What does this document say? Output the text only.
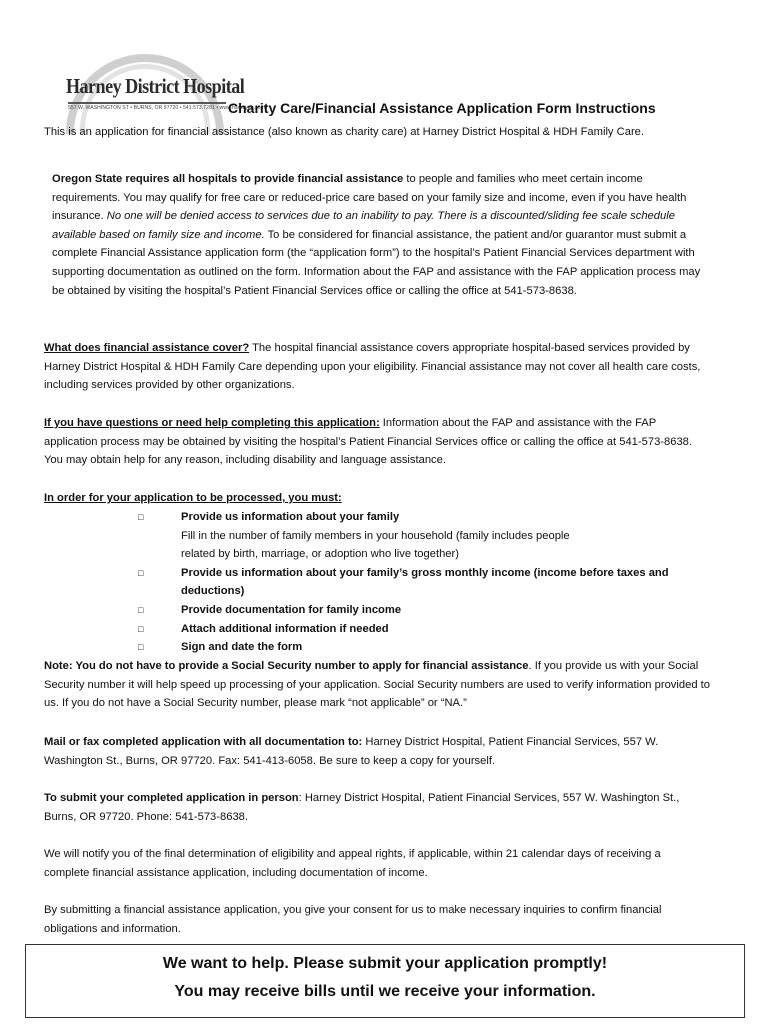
Harney District Hospital
557 W. WASHINGTON ST • BURNS, OR 97720 • 541.573.7281 • www.harneydh.com
Charity Care/Financial Assistance Application Form Instructions

This is an application for financial assistance (also known as charity care) at Harney District Hospital & HDH Family Care.

Oregon State requires all hospitals to provide financial assistance to people and families who meet certain income requirements. You may qualify for free care or reduced-price care based on your family size and income, even if you have health insurance. No one will be denied access to services due to an inability to pay. There is a discounted/sliding fee scale schedule available based on family size and income. To be considered for financial assistance, the patient and/or guarantor must submit a complete Financial Assistance application form (the “application form”) to the hospital’s Patient Financial Services department with supporting documentation as outlined on the form. Information about the FAP and assistance with the FAP application process may be obtained by visiting the hospital’s Patient Financial Services office or calling the office at 541-573-8638.

What does financial assistance cover? The hospital financial assistance covers appropriate hospital-based services provided by Harney District Hospital & HDH Family Care depending upon your eligibility. Financial assistance may not cover all health care costs, including services provided by other organizations.

If you have questions or need help completing this application: Information about the FAP and assistance with the FAP application process may be obtained by visiting the hospital’s Patient Financial Services office or calling the office at 541-573-8638. You may obtain help for any reason, including disability and language assistance.

In order for your application to be processed, you must:

□	Provide us information about your family
Fill in the number of family members in your household (family includes people
related by birth, marriage, or adoption who live together)
□	Provide us information about your family’s gross monthly income (income before taxes and
deductions)
□	Provide documentation for family income
□	Attach additional information if needed
□	Sign and date the form

Note: You do not have to provide a Social Security number to apply for financial assistance. If you provide us with your Social Security number it will help speed up processing of your application. Social Security numbers are used to verify information provided to us. If you do not have a Social Security number, please mark “not applicable” or “NA.”

Mail or fax completed application with all documentation to: Harney District Hospital, Patient Financial Services, 557 W. Washington St., Burns, OR 97720. Fax: 541-413-6058. Be sure to keep a copy for yourself.

To submit your completed application in person: Harney District Hospital, Patient Financial Services, 557 W. Washington St., Burns, OR 97720. Phone: 541-573-8638.

We will notify you of the final determination of eligibility and appeal rights, if applicable, within 21 calendar days of receiving a complete financial assistance application, including documentation of income.

By submitting a financial assistance application, you give your consent for us to make necessary inquiries to confirm financial obligations and information.

We want to help. Please submit your application promptly!
You may receive bills until we receive your information.
